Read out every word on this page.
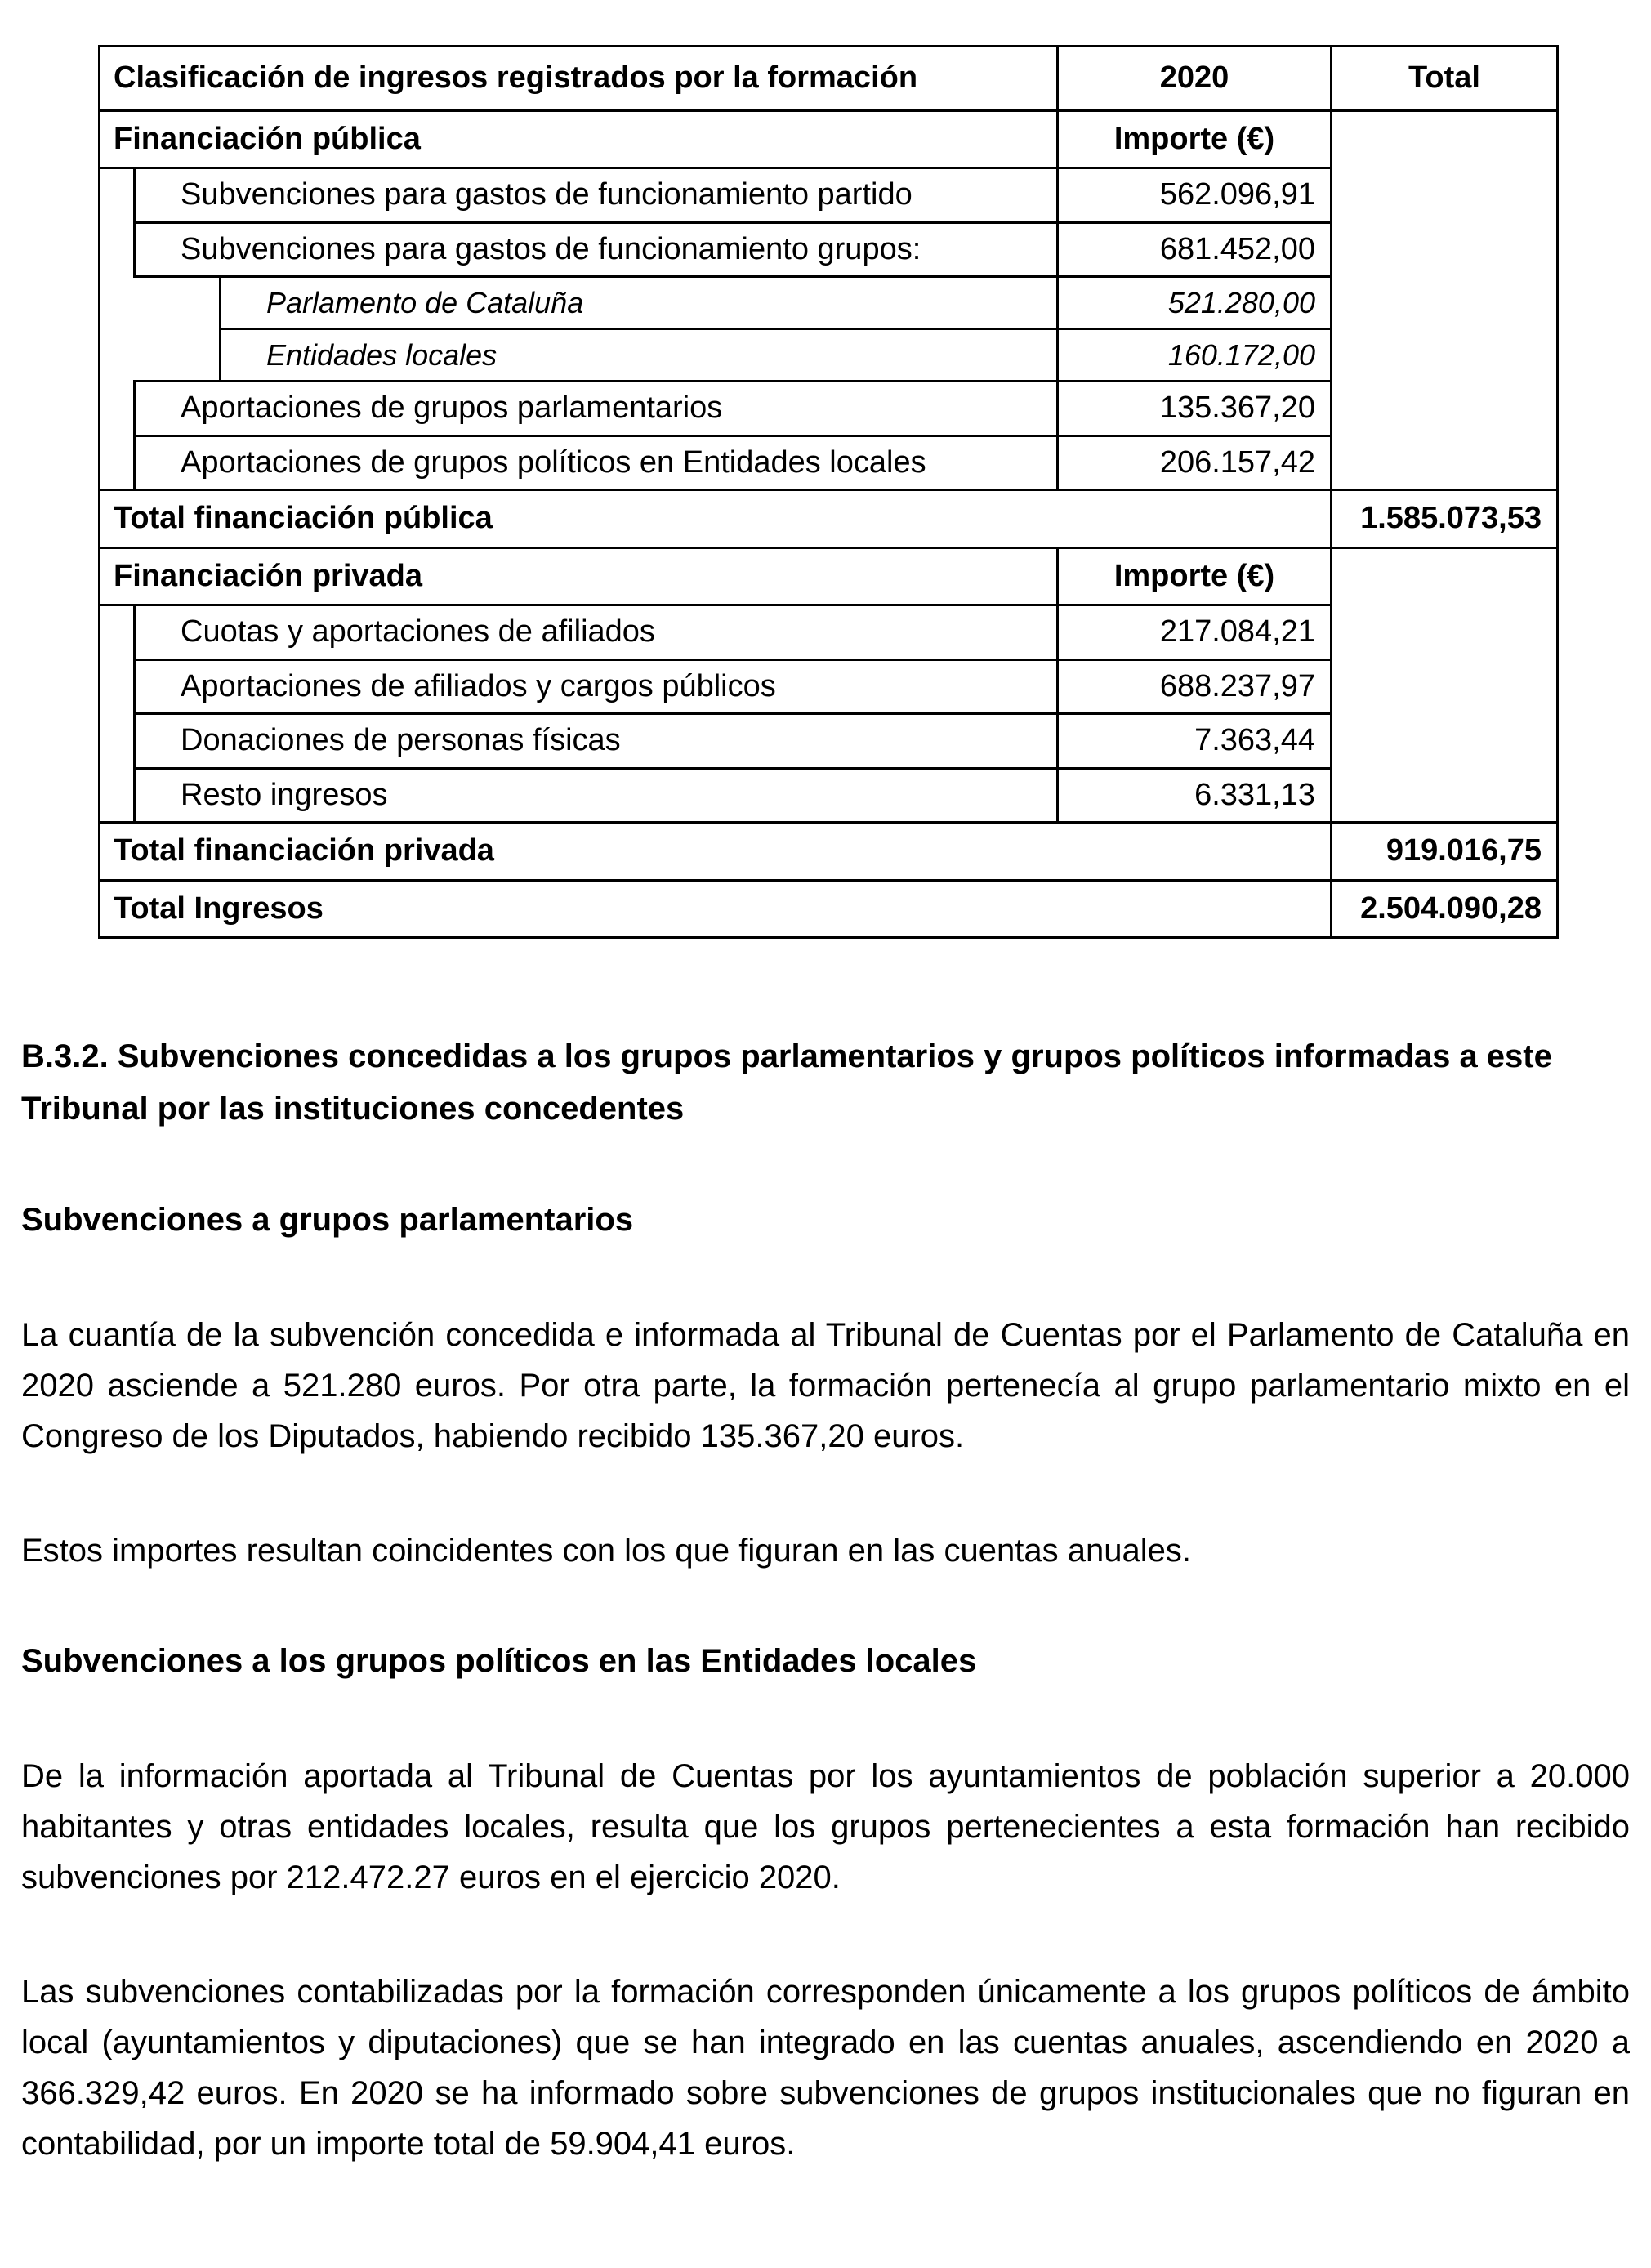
Clasificación de ingresos registrados por la formación			2020	Total
Financiación pública			Importe (€)	
	Subvenciones para gastos de funcionamiento partido		562.096,91	
	Subvenciones para gastos de funcionamiento grupos:		681.452,00	
		Parlamento de Cataluña	521.280,00	
		Entidades locales	160.172,00	
	Aportaciones de grupos parlamentarios		135.367,20	
	Aportaciones de grupos políticos en Entidades locales		206.157,42	
Total financiación pública				1.585.073,53
Financiación privada			Importe (€)	
	Cuotas y aportaciones de afiliados		217.084,21	
	Aportaciones de afiliados y cargos públicos		688.237,97	
	Donaciones de personas físicas		7.363,44	
	Resto ingresos		6.331,13	
Total financiación privada				919.016,75
Total Ingresos				2.504.090,28
B.3.2. Subvenciones concedidas a los grupos parlamentarios y grupos políticos informadas a este Tribunal por las instituciones concedentes
Subvenciones a grupos parlamentarios

La cuantía de la subvención concedida e informada al Tribunal de Cuentas por el Parlamento de Cataluña en 2020 asciende a 521.280 euros. Por otra parte, la formación pertenecía al grupo parlamentario mixto en el Congreso de los Diputados, habiendo recibido 135.367,20 euros.

Estos importes resultan coincidentes con los que figuran en las cuentas anuales.

Subvenciones a los grupos políticos en las Entidades locales

De la información aportada al Tribunal de Cuentas por los ayuntamientos de población superior a 20.000 habitantes y otras entidades locales, resulta que los grupos pertenecientes a esta formación han recibido subvenciones por 212.472.27 euros en el ejercicio 2020.

Las subvenciones contabilizadas por la formación corresponden únicamente a los grupos políticos de ámbito local (ayuntamientos y diputaciones) que se han integrado en las cuentas anuales, ascendiendo en 2020 a 366.329,42 euros. En 2020 se ha informado sobre subvenciones de grupos institucionales que no figuran en contabilidad, por un importe total de 59.904,41 euros.
